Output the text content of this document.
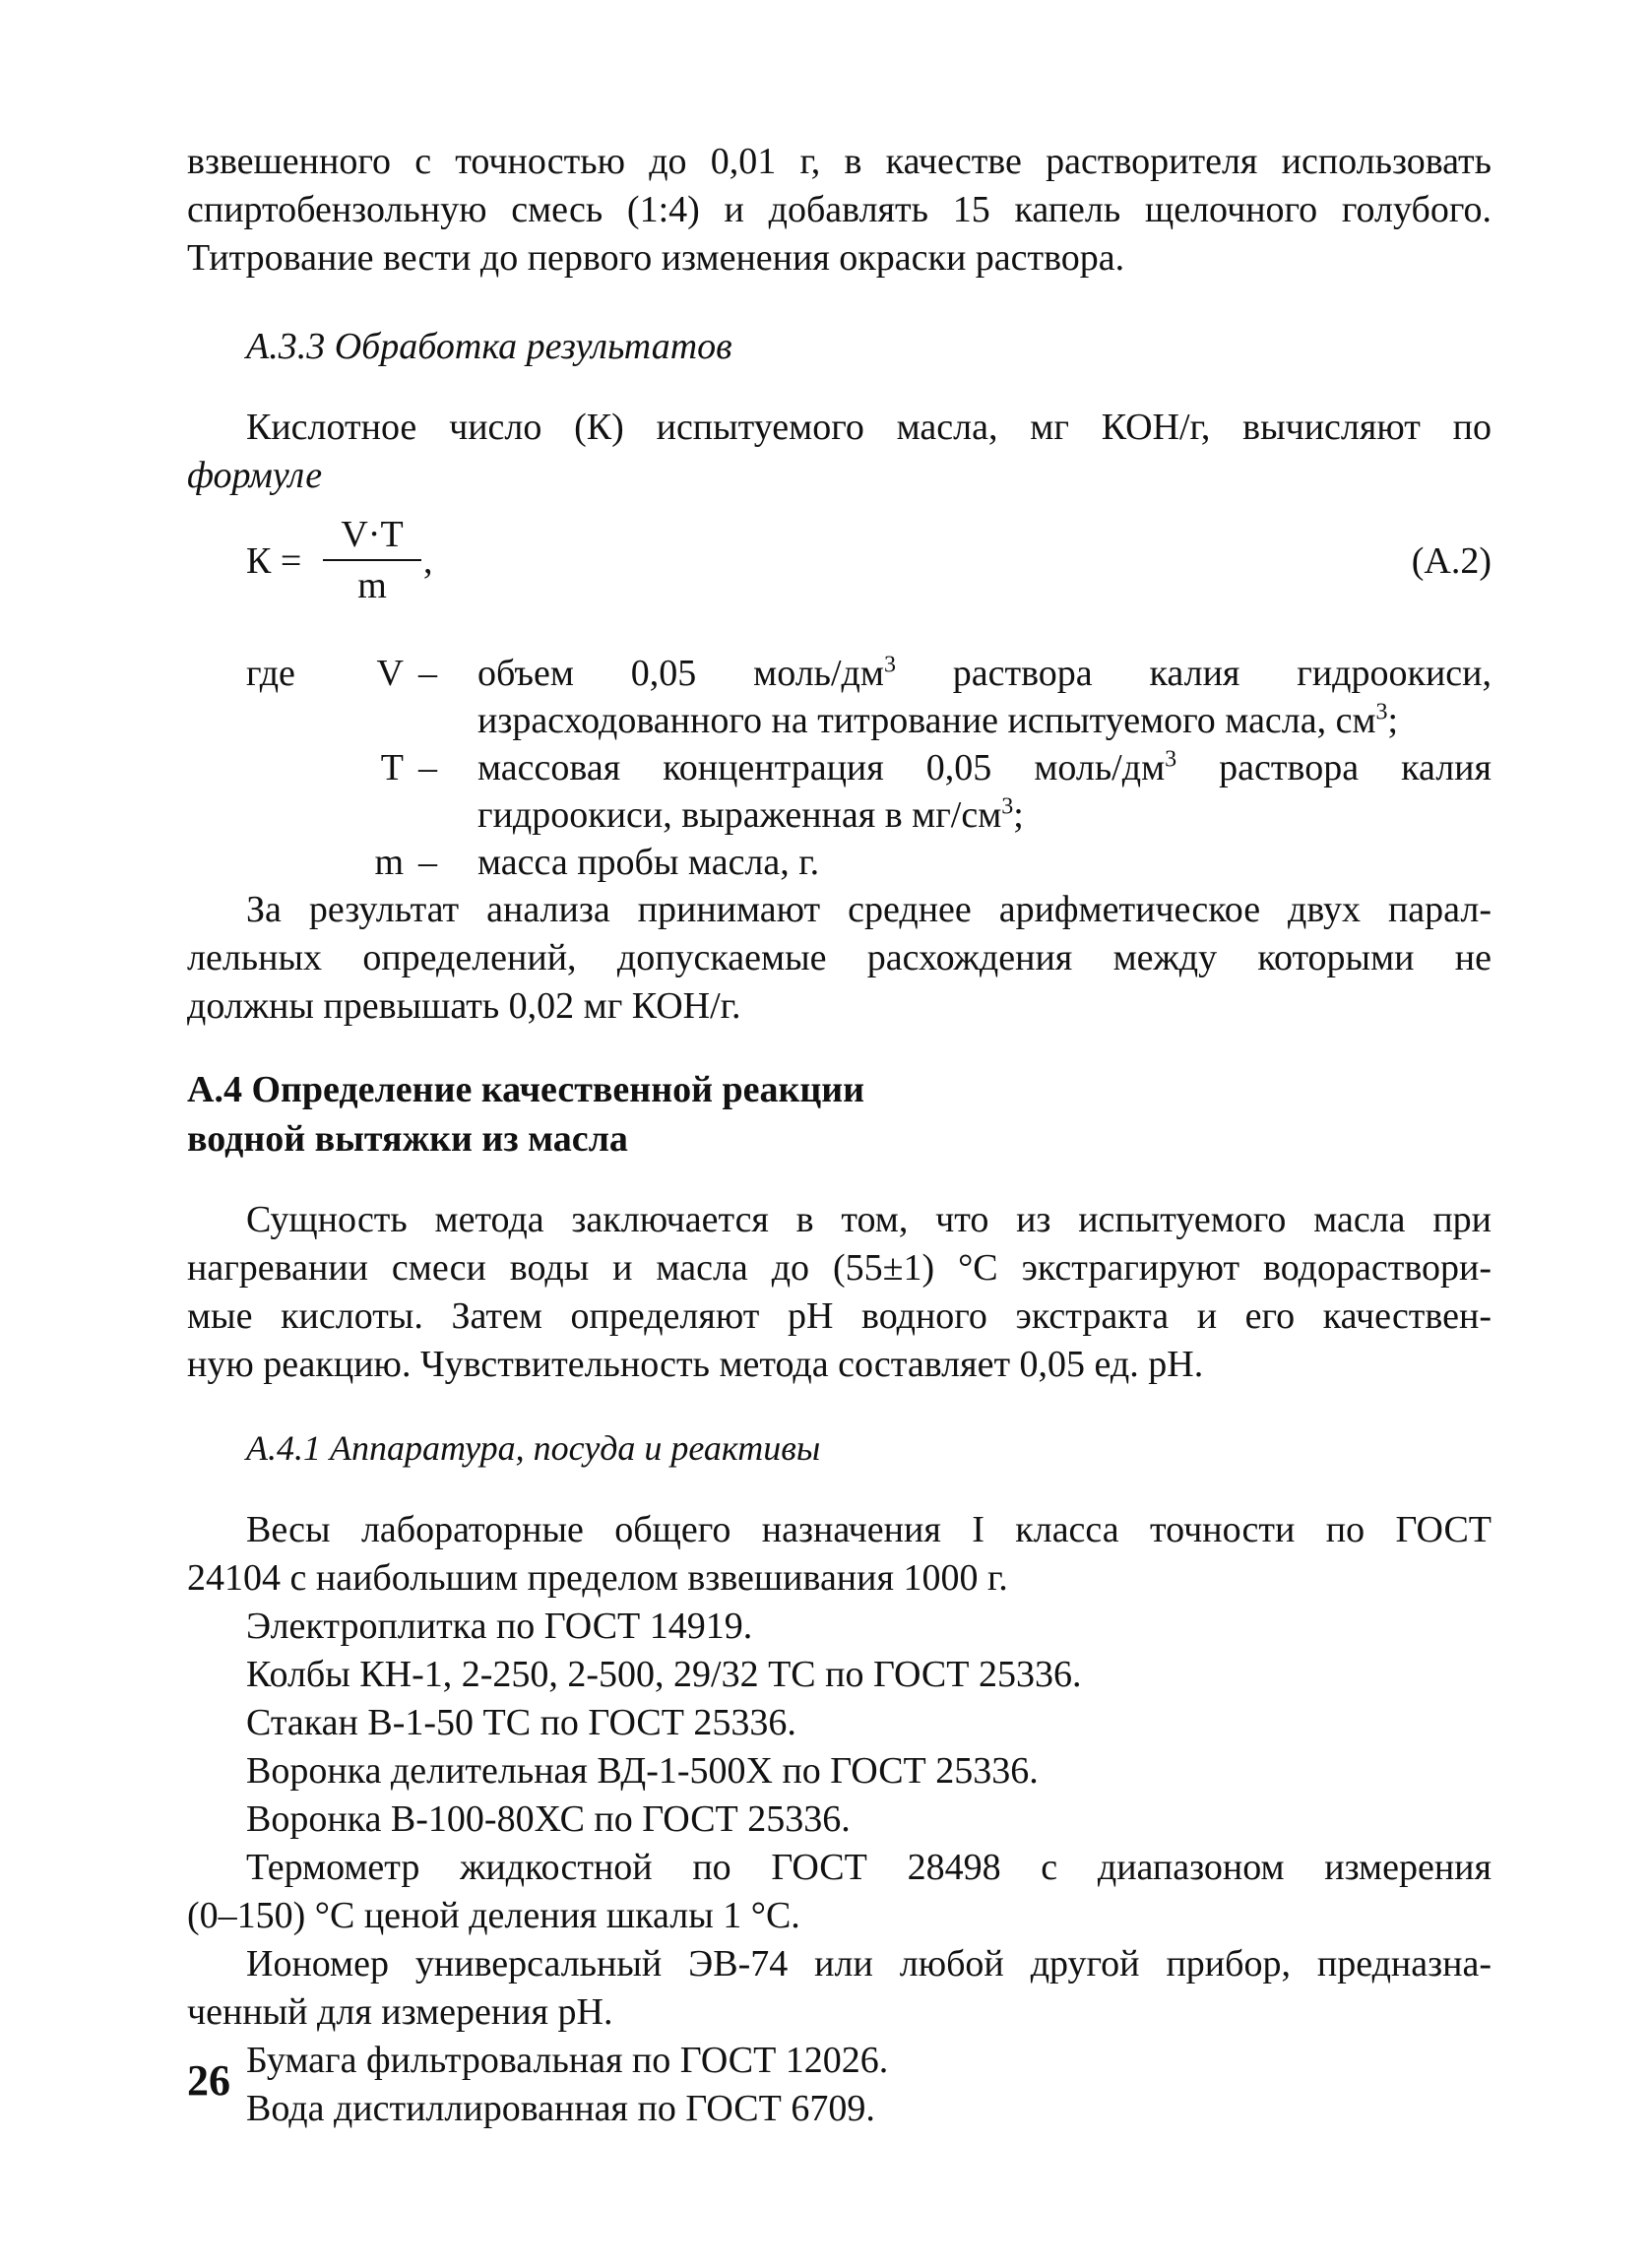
взвешенного с точностью до 0,01 г, в качестве растворителя использовать

спиртобензольную смесь (1:4) и добавлять 15 капель щелочного голубого.

Титрование вести до первого изменения окраски раствора.

А.3.3 Обработка результатов

Кислотное число (К) испытуемого масла, мг КОН/г, вычисляют по

формуле

К =
V·T
m
,	(А.2)
где	V – объем 0,05 моль/$дм^3$ раствора калия гидроокиси,
израсходованного на титрование испытуемого масла, $см^3$;
Т – массовая концентрация 0,05 моль/$дм^3$ раствора калия
гидроокиси, выраженная в $мг/см^3$;
m – масса пробы масла, г.

За результат анализа принимают среднее арифметическое двух парал-

лельных определений, допускаемые расхождения между которыми не

должны превышать 0,02 мг КОН/г.

А.4 Определение качественной реакции
водной вытяжки из масла

Сущность метода заключается в том, что из испытуемого масла при

нагревании смеси воды и масла до (55±1) °С экстрагируют водораствори-

мые кислоты. Затем определяют рН водного экстракта и его качествен-

ную реакцию. Чувствительность метода составляет 0,05 ед. рН.

А.4.1 Аппаратура, посуда и реактивы

Весы лабораторные общего назначения I класса точности по ГОСТ

24104 с наибольшим пределом взвешивания 1000 г.

Электроплитка по ГОСТ 14919.

Колбы КН-1, 2-250, 2-500, 29/32 ТС по ГОСТ 25336.

Стакан В-1-50 ТС по ГОСТ 25336.

Воронка делительная ВД-1-500Х по ГОСТ 25336.

Воронка В-100-80ХС по ГОСТ 25336.

Термометр жидкостной по ГОСТ 28498 с диапазоном измерения

(0–150) °С ценой деления шкалы 1 °С.

Иономер универсальный ЭВ-74 или любой другой прибор, предназна-

ченный для измерения рН.

Бумага фильтровальная по ГОСТ 12026.

Вода дистиллированная по ГОСТ 6709.

26
